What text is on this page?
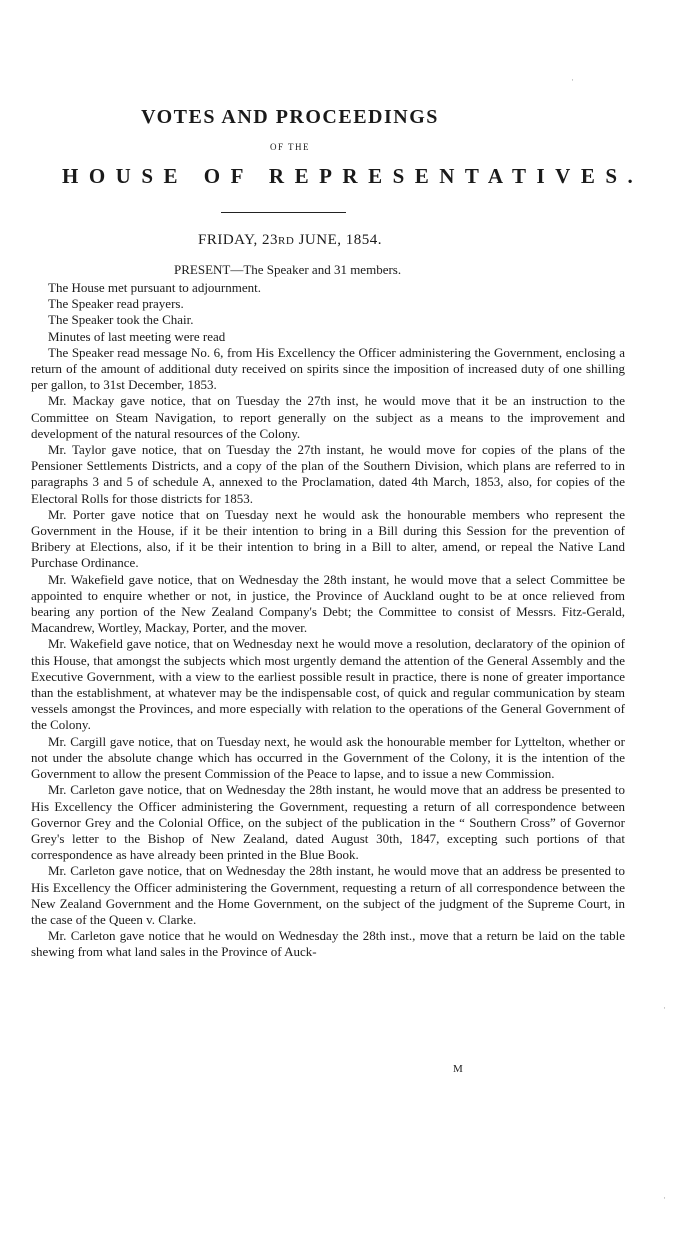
VOTES AND PROCEEDINGS
OF THE
HOUSE OF REPRESENTATIVES.
FRIDAY, 23RD JUNE, 1854.
PRESENT—The Speaker and 31 members.

The House met pursuant to adjournment.

The Speaker read prayers.

The Speaker took the Chair.

Minutes of last meeting were read

The Speaker read message No. 6, from His Excellency the Officer administering the Government, enclosing a return of the amount of additional duty received on spirits since the imposition of increased duty of one shilling per gallon, to 31st December, 1853.

Mr. Mackay gave notice, that on Tuesday the 27th inst, he would move that it be an instruction to the Committee on Steam Navigation, to report generally on the subject as a means to the improvement and development of the natural resources of the Colony.

Mr. Taylor gave notice, that on Tuesday the 27th instant, he would move for copies of the plans of the Pensioner Settlements Districts, and a copy of the plan of the Southern Division, which plans are referred to in paragraphs 3 and 5 of schedule A, annexed to the Proclamation, dated 4th March, 1853, also, for copies of the Electoral Rolls for those districts for 1853.

Mr. Porter gave notice that on Tuesday next he would ask the honourable members who represent the Government in the House, if it be their intention to bring in a Bill during this Session for the prevention of Bribery at Elections, also, if it be their intention to bring in a Bill to alter, amend, or repeal the Native Land Purchase Ordinance.

Mr. Wakefield gave notice, that on Wednesday the 28th instant, he would move that a select Committee be appointed to enquire whether or not, in justice, the Province of Auckland ought to be at once relieved from bearing any portion of the New Zealand Company's Debt; the Committee to consist of Messrs. Fitz-Gerald, Macandrew, Wortley, Mackay, Porter, and the mover.

Mr. Wakefield gave notice, that on Wednesday next he would move a resolution, declaratory of the opinion of this House, that amongst the subjects which most urgently demand the attention of the General Assembly and the Executive Government, with a view to the earliest possible result in practice, there is none of greater importance than the establishment, at whatever may be the indispensable cost, of quick and regular communication by steam vessels amongst the Provinces, and more especially with relation to the operations of the General Government of the Colony.

Mr. Cargill gave notice, that on Tuesday next, he would ask the honourable member for Lyttelton, whether or not under the absolute change which has occurred in the Government of the Colony, it is the intention of the Government to allow the present Commission of the Peace to lapse, and to issue a new Commission.

Mr. Carleton gave notice, that on Wednesday the 28th instant, he would move that an address be presented to His Excellency the Officer administering the Government, requesting a return of all correspondence between Governor Grey and the Colonial Office, on the subject of the publication in the “ Southern Cross” of Governor Grey's letter to the Bishop of New Zealand, dated August 30th, 1847, excepting such portions of that correspondence as have already been printed in the Blue Book.

Mr. Carleton gave notice, that on Wednesday the 28th instant, he would move that an address be presented to His Excellency the Officer administering the Government, requesting a return of all correspondence between the New Zealand Government and the Home Government, on the subject of the judgment of the Supreme Court, in the case of the Queen v. Clarke.

Mr. Carleton gave notice that he would on Wednesday the 28th inst., move that a return be laid on the table shewing from what land sales in the Province of Auck-

M
·
·
·
